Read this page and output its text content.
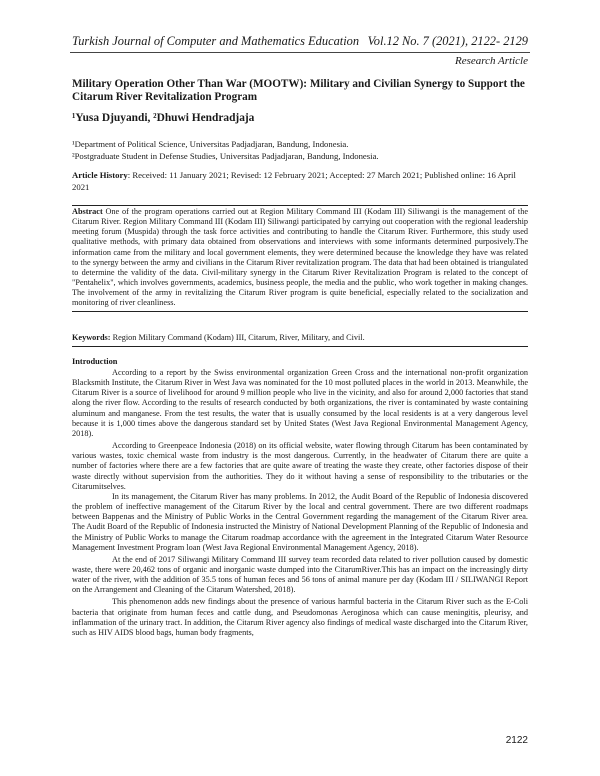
Turkish Journal of Computer and Mathematics Education Vol.12 No. 7 (2021), 2122- 2129
Research Article
Military Operation Other Than War (MOOTW): Military and Civilian Synergy to Support the Citarum River Revitalization Program
¹Yusa Djuyandi, ²Dhuwi Hendradjaja
¹Department of Political Science, Universitas Padjadjaran, Bandung, Indonesia.
²Postgraduate Student in Defense Studies, Universitas Padjadjaran, Bandung, Indonesia.
Article History: Received: 11 January 2021; Revised: 12 February 2021; Accepted: 27 March 2021; Published online: 16 April 2021

Abstract One of the program operations carried out at Region Military Command III (Kodam III) Siliwangi is the management of the Citarum River. Region Military Command III (Kodam III) Siliwangi participated by carrying out cooperation with the regional leadership meeting forum (Muspida) through the task force activities and contributing to handle the Citarum River. Furthermore, this study used qualitative methods, with primary data obtained from observations and interviews with some informants determined purposively.The information came from the military and local government elements, they were determined because the knowledge they have was related to the synergy between the army and civilians in the Citarum River revitalization program. The data that had been obtained is triangulated to determine the validity of the data. Civil-military synergy in the Citarum River Revitalization Program is related to the concept of "Pentahelix", which involves governments, academics, business people, the media and the public, who work together in making changes. The involvement of the army in revitalizing the Citarum River program is quite beneficial, especially related to the socialization and monitoring of river cleanliness.

Keywords: Region Military Command (Kodam) III, Citarum, River, Military, and Civil.
Introduction

According to a report by the Swiss environmental organization Green Cross and the international non-profit organization Blacksmith Institute, the Citarum River in West Java was nominated for the 10 most polluted places in the world in 2013. Meanwhile, the Citarum River is a source of livelihood for around 9 million people who live in the vicinity, and also for around 2,000 factories that stand along the river flow. According to the results of research conducted by both organizations, the river is contaminated by waste containing aluminum and manganese. From the test results, the water that is usually consumed by the local residents is at a very dangerous level because it is 1,000 times above the dangerous standard set by United States (West Java Regional Environmental Management Agency, 2018).

According to Greenpeace Indonesia (2018) on its official website, water flowing through Citarum has been contaminated by various wastes, toxic chemical waste from industry is the most dangerous. Currently, in the headwater of Citarum there are quite a number of factories where there are a few factories that are quite aware of treating the waste they create, other factories dispose of their waste directly without supervision from the authorities. They do it without having a sense of responsibility to the tributaries or the Citarumitselves.

In its management, the Citarum River has many problems. In 2012, the Audit Board of the Republic of Indonesia discovered the problem of ineffective management of the Citarum River by the local and central government. There are two different roadmaps between Bappenas and the Ministry of Public Works in the Central Government regarding the management of the Citarum River area. The Audit Board of the Republic of Indonesia instructed the Ministry of National Development Planning of the Republic of Indonesia and the Ministry of Public Works to manage the Citarum roadmap accordance with the agreement in the Integrated Citarum Water Resource Management Investment Program loan (West Java Regional Environmental Management Agency, 2018).

At the end of 2017 Siliwangi Military Command III survey team recorded data related to river pollution caused by domestic waste, there were 20,462 tons of organic and inorganic waste dumped into the CitarumRiver.This has an impact on the increasingly dirty water of the river, with the addition of 35.5 tons of human feces and 56 tons of animal manure per day (Kodam III / SILIWANGI Report on the Arrangement and Cleaning of the Citarum Watershed, 2018).

This phenomenon adds new findings about the presence of various harmful bacteria in the Citarum River such as the E-Coli bacteria that originate from human feces and cattle dung, and Pseudomonas Aeroginosa which can cause meningitis, pleurisy, and inflammation of the urinary tract. In addition, the Citarum River agency also findings of medical waste discharged into the Citarum River, such as HIV AIDS blood bags, human body fragments,

2122
